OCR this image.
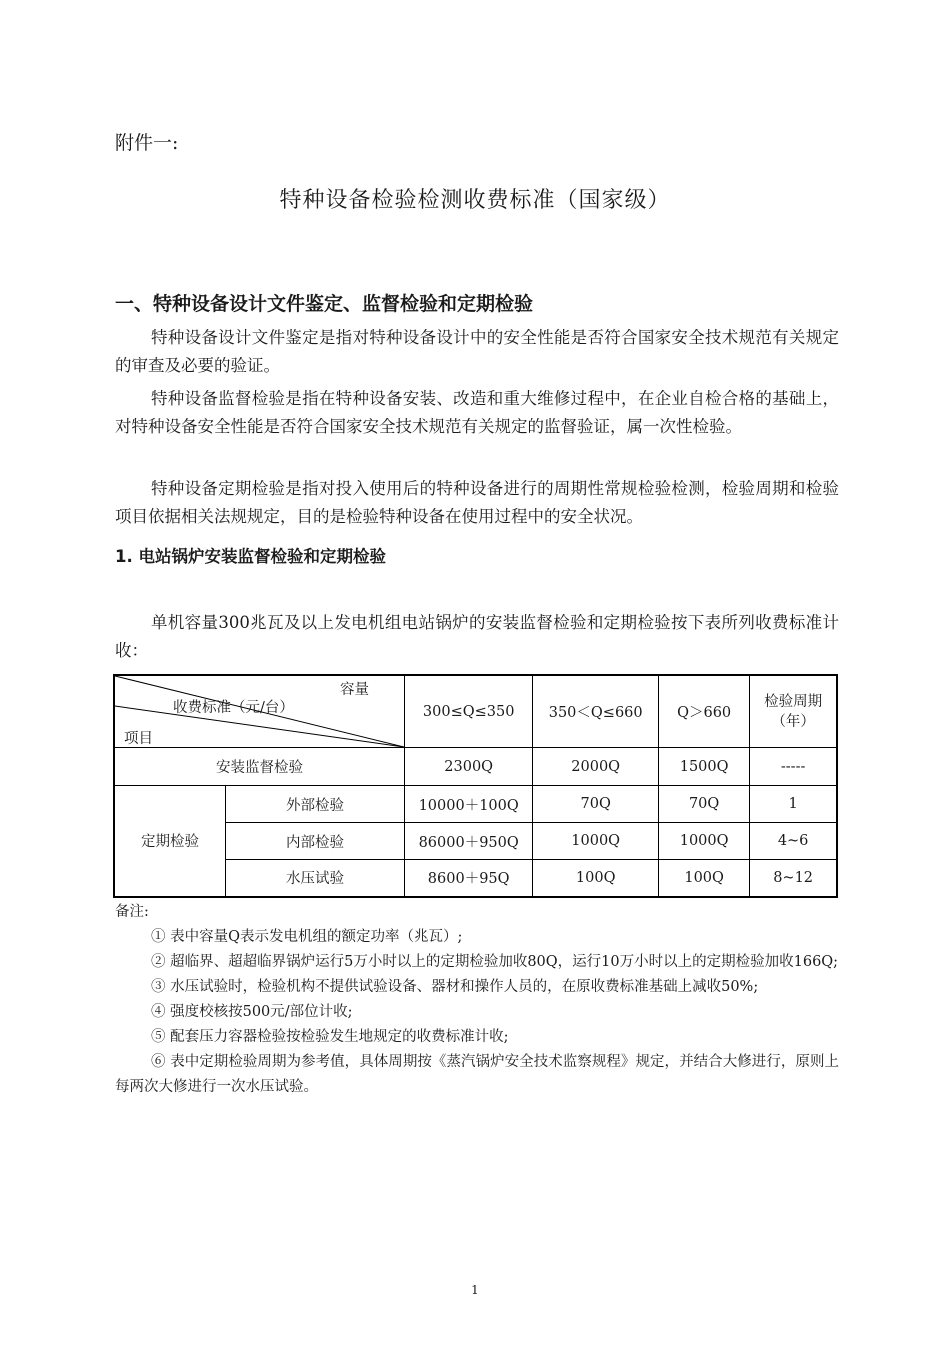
附件一:
特种设备检验检测收费标准（国家级）
一、特种设备设计文件鉴定、监督检验和定期检验
特种设备设计文件鉴定是指对特种设备设计中的安全性能是否符合国家安全技术规范有关规定的审查及必要的验证。
特种设备监督检验是指在特种设备安装、改造和重大维修过程中，在企业自检合格的基础上，对特种设备安全性能是否符合国家安全技术规范有关规定的监督验证，属一次性检验。
特种设备定期检验是指对投入使用后的特种设备进行的周期性常规检验检测，检验周期和检验项目依据相关法规规定，目的是检验特种设备在使用过程中的安全状况。
1. 电站锅炉安装监督检验和定期检验
单机容量300兆瓦及以上发电机组电站锅炉的安装监督检验和定期检验按下表所列收费标准计收：
容量
收费标准（元/台）
项目		300≤Q≤350	350＜Q≤660	Q＞660	检验周期（年）
安装监督检验		2300Q	2000Q	1500Q	-----
定期检验	外部检验	10000＋100Q	70Q	70Q	1
	内部检验	86000＋950Q	1000Q	1000Q	4~6
	水压试验	8600＋95Q	100Q	100Q	8~12
备注:
① 表中容量Q表示发电机组的额定功率（兆瓦）;
② 超临界、超超临界锅炉运行5万小时以上的定期检验加收80Q，运行10万小时以上的定期检验加收166Q;
③ 水压试验时，检验机构不提供试验设备、器材和操作人员的，在原收费标准基础上减收50%;
④ 强度校核按500元/部位计收;
⑤ 配套压力容器检验按检验发生地规定的收费标准计收;
⑥ 表中定期检验周期为参考值，具体周期按《蒸汽锅炉安全技术监察规程》规定，并结合大修进行，原则上每两次大修进行一次水压试验。
1
